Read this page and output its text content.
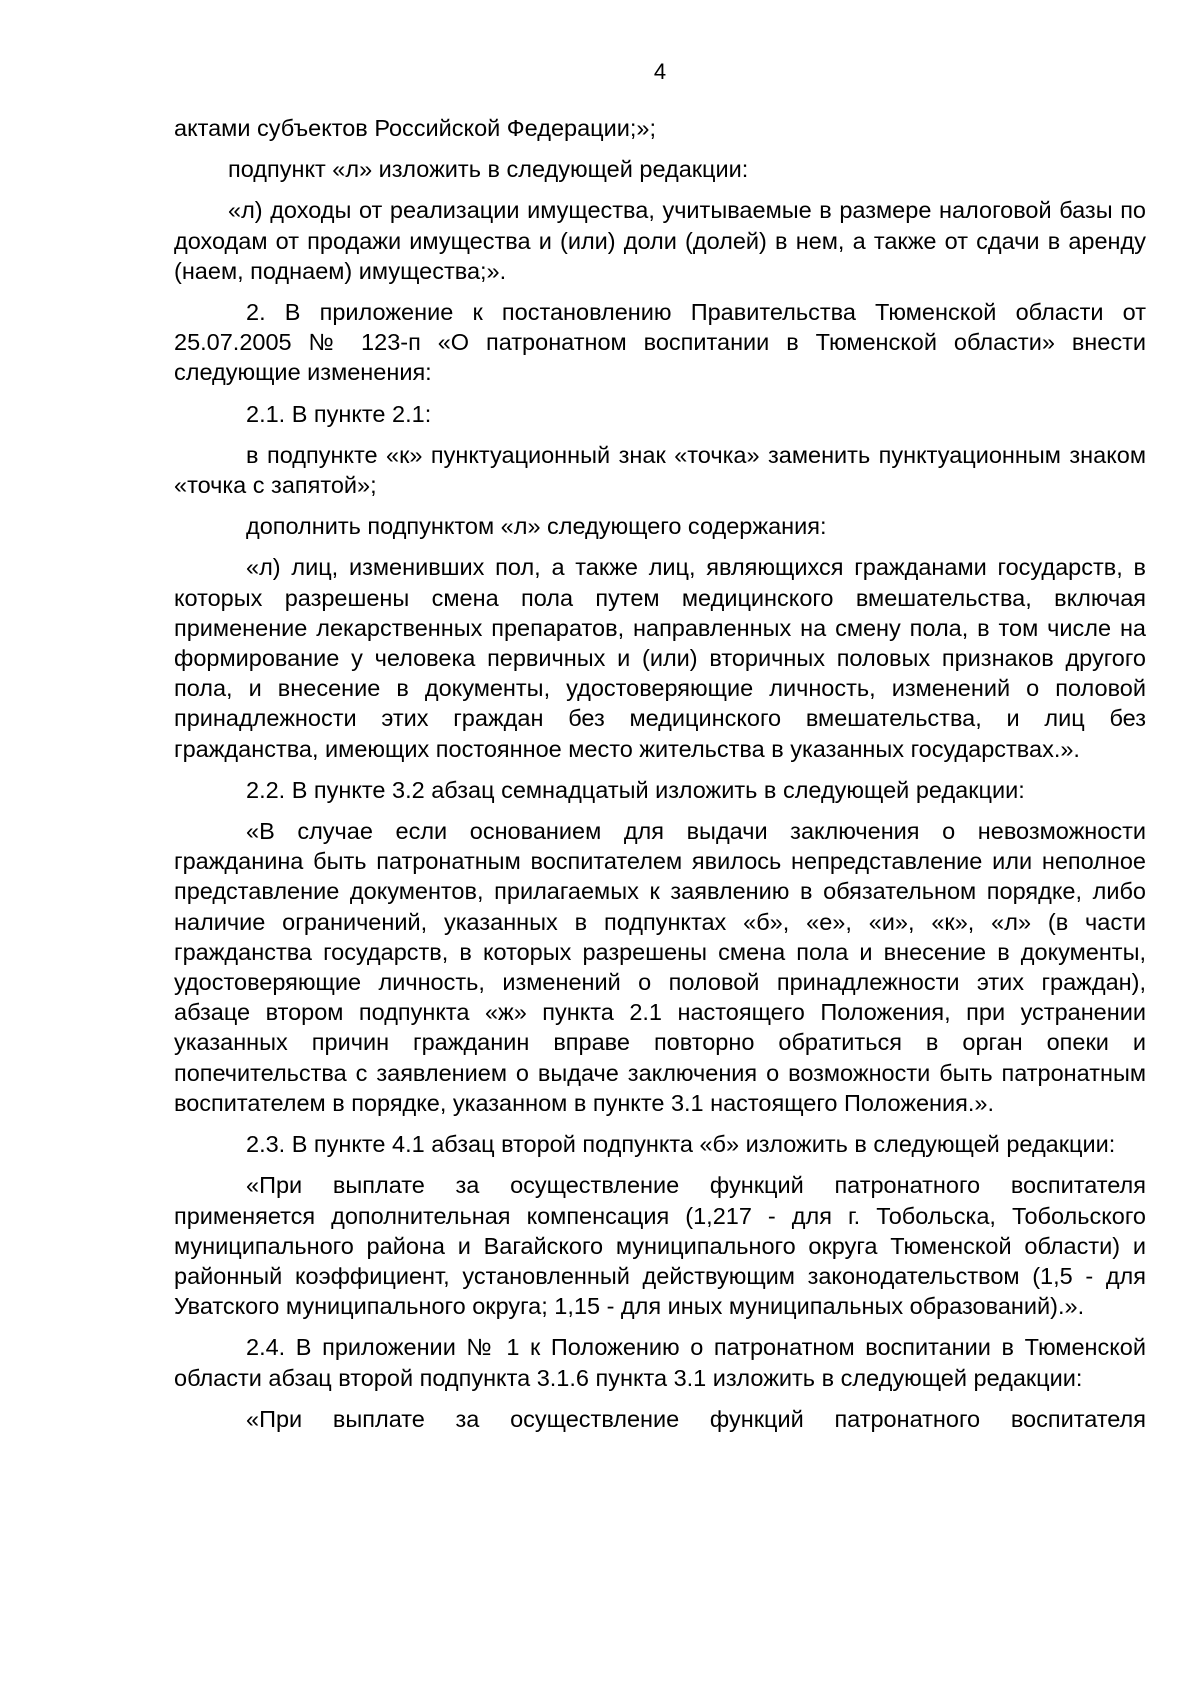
4

актами субъектов Российской Федерации;»;

подпункт «л» изложить в следующей редакции:

«л) доходы от реализации имущества, учитываемые в размере налоговой базы по доходам от продажи имущества и (или) доли (долей) в нем, а также от сдачи в аренду (наем, поднаем) имущества;».

2. В приложение к постановлению Правительства Тюменской области от 25.07.2005 № 123-п «О патронатном воспитании в Тюменской области» внести следующие изменения:

2.1. В пункте 2.1:

в подпункте «к» пунктуационный знак «точка» заменить пунктуационным знаком «точка с запятой»;

дополнить подпунктом «л» следующего содержания:

«л) лиц, изменивших пол, а также лиц, являющихся гражданами государств, в которых разрешены смена пола путем медицинского вмешательства, включая применение лекарственных препаратов, направленных на смену пола, в том числе на формирование у человека первичных и (или) вторичных половых признаков другого пола, и внесение в документы, удостоверяющие личность, изменений о половой принадлежности этих граждан без медицинского вмешательства, и лиц без гражданства, имеющих постоянное место жительства в указанных государствах.».

2.2. В пункте 3.2 абзац семнадцатый изложить в следующей редакции:

«В случае если основанием для выдачи заключения о невозможности гражданина быть патронатным воспитателем явилось непредставление или неполное представление документов, прилагаемых к заявлению в обязательном порядке, либо наличие ограничений, указанных в подпунктах «б», «е», «и», «к», «л» (в части гражданства государств, в которых разрешены смена пола и внесение в документы, удостоверяющие личность, изменений о половой принадлежности этих граждан), абзаце втором подпункта «ж» пункта 2.1 настоящего Положения, при устранении указанных причин гражданин вправе повторно обратиться в орган опеки и попечительства с заявлением о выдаче заключения о возможности быть патронатным воспитателем в порядке, указанном в пункте 3.1 настоящего Положения.».

2.3. В пункте 4.1 абзац второй подпункта «б» изложить в следующей редакции:

«При выплате за осуществление функций патронатного воспитателя применяется дополнительная компенсация (1,217 - для г. Тобольска, Тобольского муниципального района и Вагайского муниципального округа Тюменской области) и районный коэффициент, установленный действующим законодательством (1,5 - для Уватского муниципального округа; 1,15 - для иных муниципальных образований).».

2.4. В приложении № 1 к Положению о патронатном воспитании в Тюменской области абзац второй подпункта 3.1.6 пункта 3.1 изложить в следующей редакции:

«При выплате за осуществление функций патронатного воспитателя
